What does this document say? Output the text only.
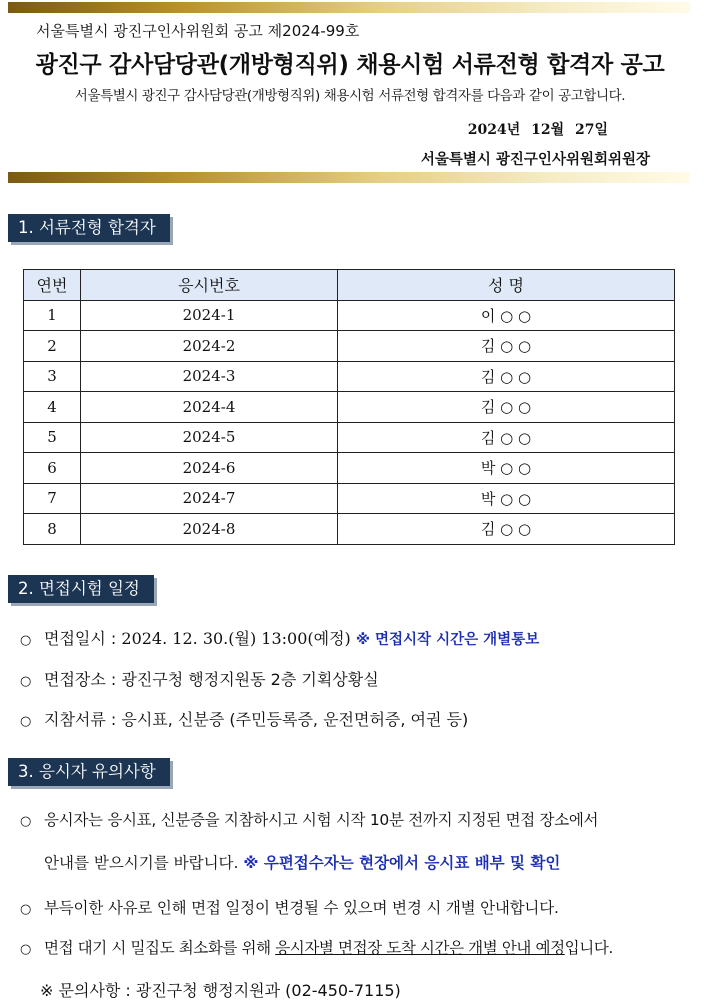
서울특별시 광진구인사위원회 공고 제2024-99호
광진구 감사담당관(개방형직위) 채용시험 서류전형 합격자 공고
서울특별시 광진구 감사담당관(개방형직위) 채용시험 서류전형 합격자를 다음과 같이 공고합니다.
2024년 12월 27일
서울특별시 광진구인사위원회위원장
1. 서류전형 합격자
연번	응시번호	성 명
1	2024-1	이 ○ ○
2	2024-2	김 ○ ○
3	2024-3	김 ○ ○
4	2024-4	김 ○ ○
5	2024-5	김 ○ ○
6	2024-6	박 ○ ○
7	2024-7	박 ○ ○
8	2024-8	김 ○ ○
2. 면접시험 일정
○ 면접일시 : 2024. 12. 30.(월) 13:00(예정) ※ 면접시작 시간은 개별통보
○ 면접장소 : 광진구청 행정지원동 2층 기획상황실
○ 지참서류 : 응시표, 신분증 (주민등록증, 운전면허증, 여권 등)
3. 응시자 유의사항
○ 응시자는 응시표, 신분증을 지참하시고 시험 시작 10분 전까지 지정된 면접 장소에서
안내를 받으시기를 바랍니다. ※ 우편접수자는 현장에서 응시표 배부 및 확인
○ 부득이한 사유로 인해 면접 일정이 변경될 수 있으며 변경 시 개별 안내합니다.
○ 면접 대기 시 밀집도 최소화를 위해 응시자별 면접장 도착 시간은 개별 안내 예정입니다.
※ 문의사항 : 광진구청 행정지원과 (02-450-7115)
